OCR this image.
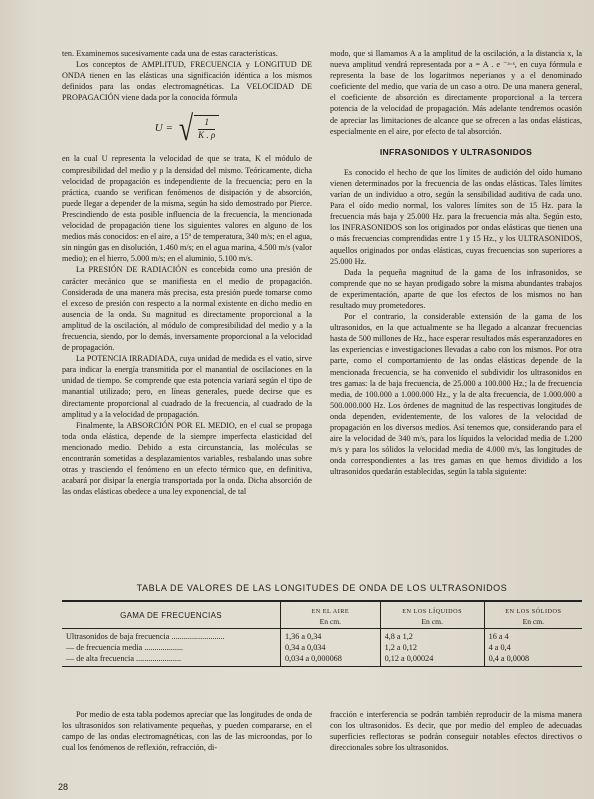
ten. Examinemos sucesivamente cada una de estas características.

Los conceptos de AMPLITUD, FRECUENCIA y LONGITUD DE ONDA tienen en las elásticas una significación idéntica a los mismos definidos para las ondas electromagnéticas. La VELOCIDAD DE PROPAGACIÓN viene dada por la conocida fórmula

U = √ $\frac{1}{K . \rho}$

en la cual U representa la velocidad de que se trata, K el módulo de compresibilidad del medio y ρ la densidad del mismo. Teóricamente, dicha velocidad de propagación es independiente de la frecuencia; pero en la práctica, cuando se verifican fenómenos de disipación y de absorción, puede llegar a depender de la misma, según ha sido demostrado por Pierce. Prescindiendo de esta posible influencia de la frecuencia, la mencionada velocidad de propagación tiene los siguientes valores en alguno de los medios más conocidos: en el aire, a 15º de temperatura, 340 m/s; en el agua, sin ningún gas en disolución, 1.460 m/s; en el agua marina, 4.500 m/s (valor medio); en el hierro, 5.000 m/s; en el aluminio, 5.100 m/s.

La PRESIÓN DE RADIACIÓN es concebida como una presión de carácter mecánico que se manifiesta en el medio de propagación. Considerada de una manera más precisa, esta presión puede tomarse como el exceso de presión con respecto a la normal existente en dicho medio en ausencia de la onda. Su magnitud es directamente proporcional a la amplitud de la oscilación, al módulo de compresibilidad del medio y a la frecuencia, siendo, por lo demás, inversamente proporcional a la velocidad de propagación.

La POTENCIA IRRADIADA, cuya unidad de medida es el vatio, sirve para indicar la energía transmitida por el manantial de oscilaciones en la unidad de tiempo. Se comprende que esta potencia variará según el tipo de manantial utilizado; pero, en líneas generales, puede decirse que es directamente proporcional al cuadrado de la frecuencia, al cuadrado de la amplitud y a la velocidad de propagación.

Finalmente, la ABSORCIÓN POR EL MEDIO, en el cual se propaga toda onda elástica, depende de la siempre imperfecta elasticidad del mencionado medio. Debido a esta circunstancia, las moléculas se encontrarán sometidas a desplazamientos variables, resbalando unas sobre otras y trasciendo el fenómeno en un efecto térmico que, en definitiva, acabará por disipar la energía transportada por la onda. Dicha absorción de las ondas elásticas obedece a una ley exponencial, de tal

modo, que si llamamos A a la amplitud de la oscilación, a la distancia x, la nueva amplitud vendrá representada por a = A . e ⁻ᵃ·ˣ, en cuya fórmula e representa la base de los logaritmos neperianos y a el denominado coeficiente del medio, que varía de un caso a otro. De una manera general, el coeficiente de absorción es directamente proporcional a la tercera potencia de la velocidad de propagación. Más adelante tendremos ocasión de apreciar las limitaciones de alcance que se ofrecen a las ondas elásticas, especialmente en el aire, por efecto de tal absorción.

INFRASONIDOS Y ULTRASONIDOS

Es conocido el hecho de que los límites de audición del oído humano vienen determinados por la frecuencia de las ondas elásticas. Tales límites varían de un individuo a otro, según la sensibilidad auditiva de cada uno. Para el oído medio normal, los valores límites son de 15 Hz. para la frecuencia más baja y 25.000 Hz. para la frecuencia más alta. Según esto, los INFRASONIDOS son los originados por ondas elásticas que tienen una o más frecuencias comprendidas entre 1 y 15 Hz., y los ULTRASONIDOS, aquellos originados por ondas elásticas, cuyas frecuencias son superiores a 25.000 Hz.

Dada la pequeña magnitud de la gama de los infrasonidos, se comprende que no se hayan prodigado sobre la misma abundantes trabajos de experimentación, aparte de que los efectos de los mismos no han resultado muy prometedores.

Por el contrario, la considerable extensión de la gama de los ultrasonidos, en la que actualmente se ha llegado a alcanzar frecuencias hasta de 500 millones de Hz., hace esperar resultados más esperanzadores en las experiencias e investigaciones llevadas a cabo con los mismos. Por otra parte, como el comportamiento de las ondas elásticas depende de la mencionada frecuencia, se ha convenido el subdividir los ultrasonidos en tres gamas: la de baja frecuencia, de 25.000 a 100.000 Hz.; la de frecuencia media, de 100.000 a 1.000.000 Hz., y la de alta frecuencia, de 1.000.000 a 500.000.000 Hz. Los órdenes de magnitud de las respectivas longitudes de onda dependen, evidentemente, de los valores de la velocidad de propagación en los diversos medios. Así tenemos que, considerando para el aire la velocidad de 340 m/s, para los líquidos la velocidad media de 1.200 m/s y para los sólidos la velocidad media de 4.000 m/s, las longitudes de onda correspondientes a las tres gamas en que hemos dividido a los ultrasonidos quedarán establecidas, según la tabla siguiente:

TABLA DE VALORES DE LAS LONGITUDES DE ONDA DE LOS ULTRASONIDOS
GAMA DE FRECUENCIAS	EN EL AIRE	EN LOS LÍQUIDOS	EN LOS SÓLIDOS
	En cm.	En cm.	En cm.
Ultrasonidos de baja frecuencia ..........................	1,36 a 0,34	4,8 a 1,2	16 a 4
— de frecuencia media ...................	0,34 a 0,034	1,2 a 0,12	4 a 0,4
— de alta frecuencia ......................	0,034 a 0,000068	0,12 a 0,00024	0,4 a 0,0008

Por medio de esta tabla podemos apreciar que las longitudes de onda de los ultrasonidos son relativamente pequeñas, y pueden compararse, en el campo de las ondas electromagnéticas, con las de las microondas, por lo cual los fenómenos de reflexión, refracción, di-

fracción e interferencia se podrán también reproducir de la misma manera con los ultrasonidos. Es decir, que por medio del empleo de adecuadas superficies reflectoras se podrán conseguir notables efectos directivos o direccionales sobre los ultrasonidos.

28
